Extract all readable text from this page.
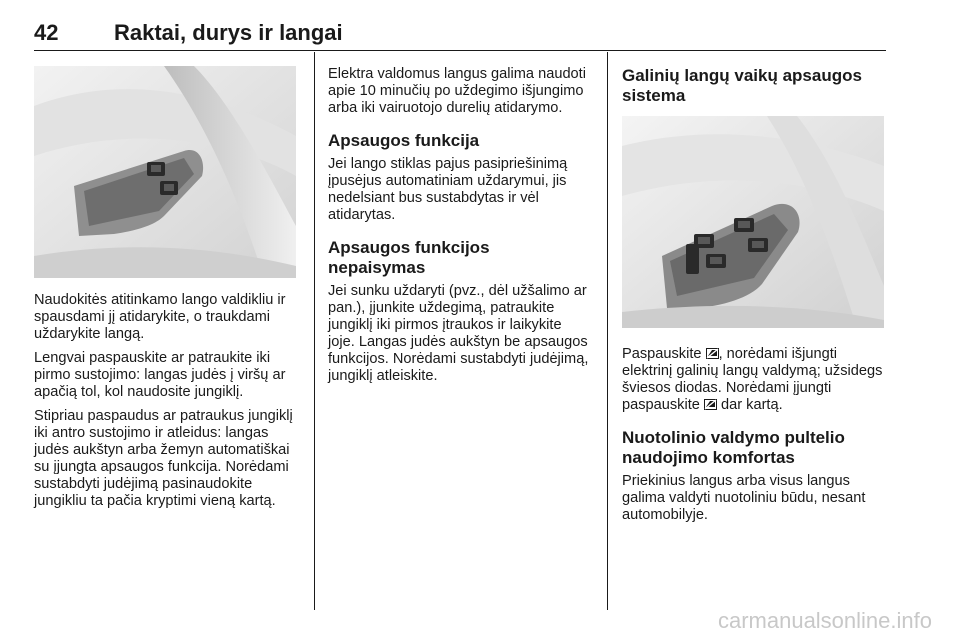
42	Raktai, durys ir langai

Naudokitės atitinkamo lango valdikliu ir spausdami jį atidarykite, o traukdami uždarykite langą.

Lengvai paspauskite ar patraukite iki pirmo sustojimo: langas judės į viršų ar apačią tol, kol naudosite jungiklį.

Stipriau paspaudus ar patraukus jungiklį iki antro sustojimo ir atleidus: langas judės aukštyn arba žemyn automatiškai su įjungta apsaugos funkcija. Norėdami sustabdyti judėjimą pasinaudokite jungikliu ta pačia kryptimi vieną kartą.

Elektra valdomus langus galima naudoti apie 10 minučių po uždegimo išjungimo arba iki vairuotojo durelių atidarymo.

Apsaugos funkcija

Jei lango stiklas pajus pasipriešinimą įpusėjus automatiniam uždarymui, jis nedelsiant bus sustabdytas ir vėl atidarytas.

Apsaugos funkcijos nepaisymas

Jei sunku uždaryti (pvz., dėl užšalimo ar pan.), įjunkite uždegimą, patraukite jungiklį iki pirmos įtraukos ir laikykite joje. Langas judės aukštyn be apsaugos funkcijos. Norėdami sustabdyti judėjimą, jungiklį atleiskite.

Galinių langų vaikų apsaugos sistema

Paspauskite , norėdami išjungti elektrinį galinių langų valdymą; užsidegs šviesos diodas. Norėdami įjungti paspauskite  dar kartą.

Nuotolinio valdymo pultelio naudojimo komfortas

Priekinius langus arba visus langus galima valdyti nuotoliniu būdu, nesant automobilyje.

carmanualsonline.info
